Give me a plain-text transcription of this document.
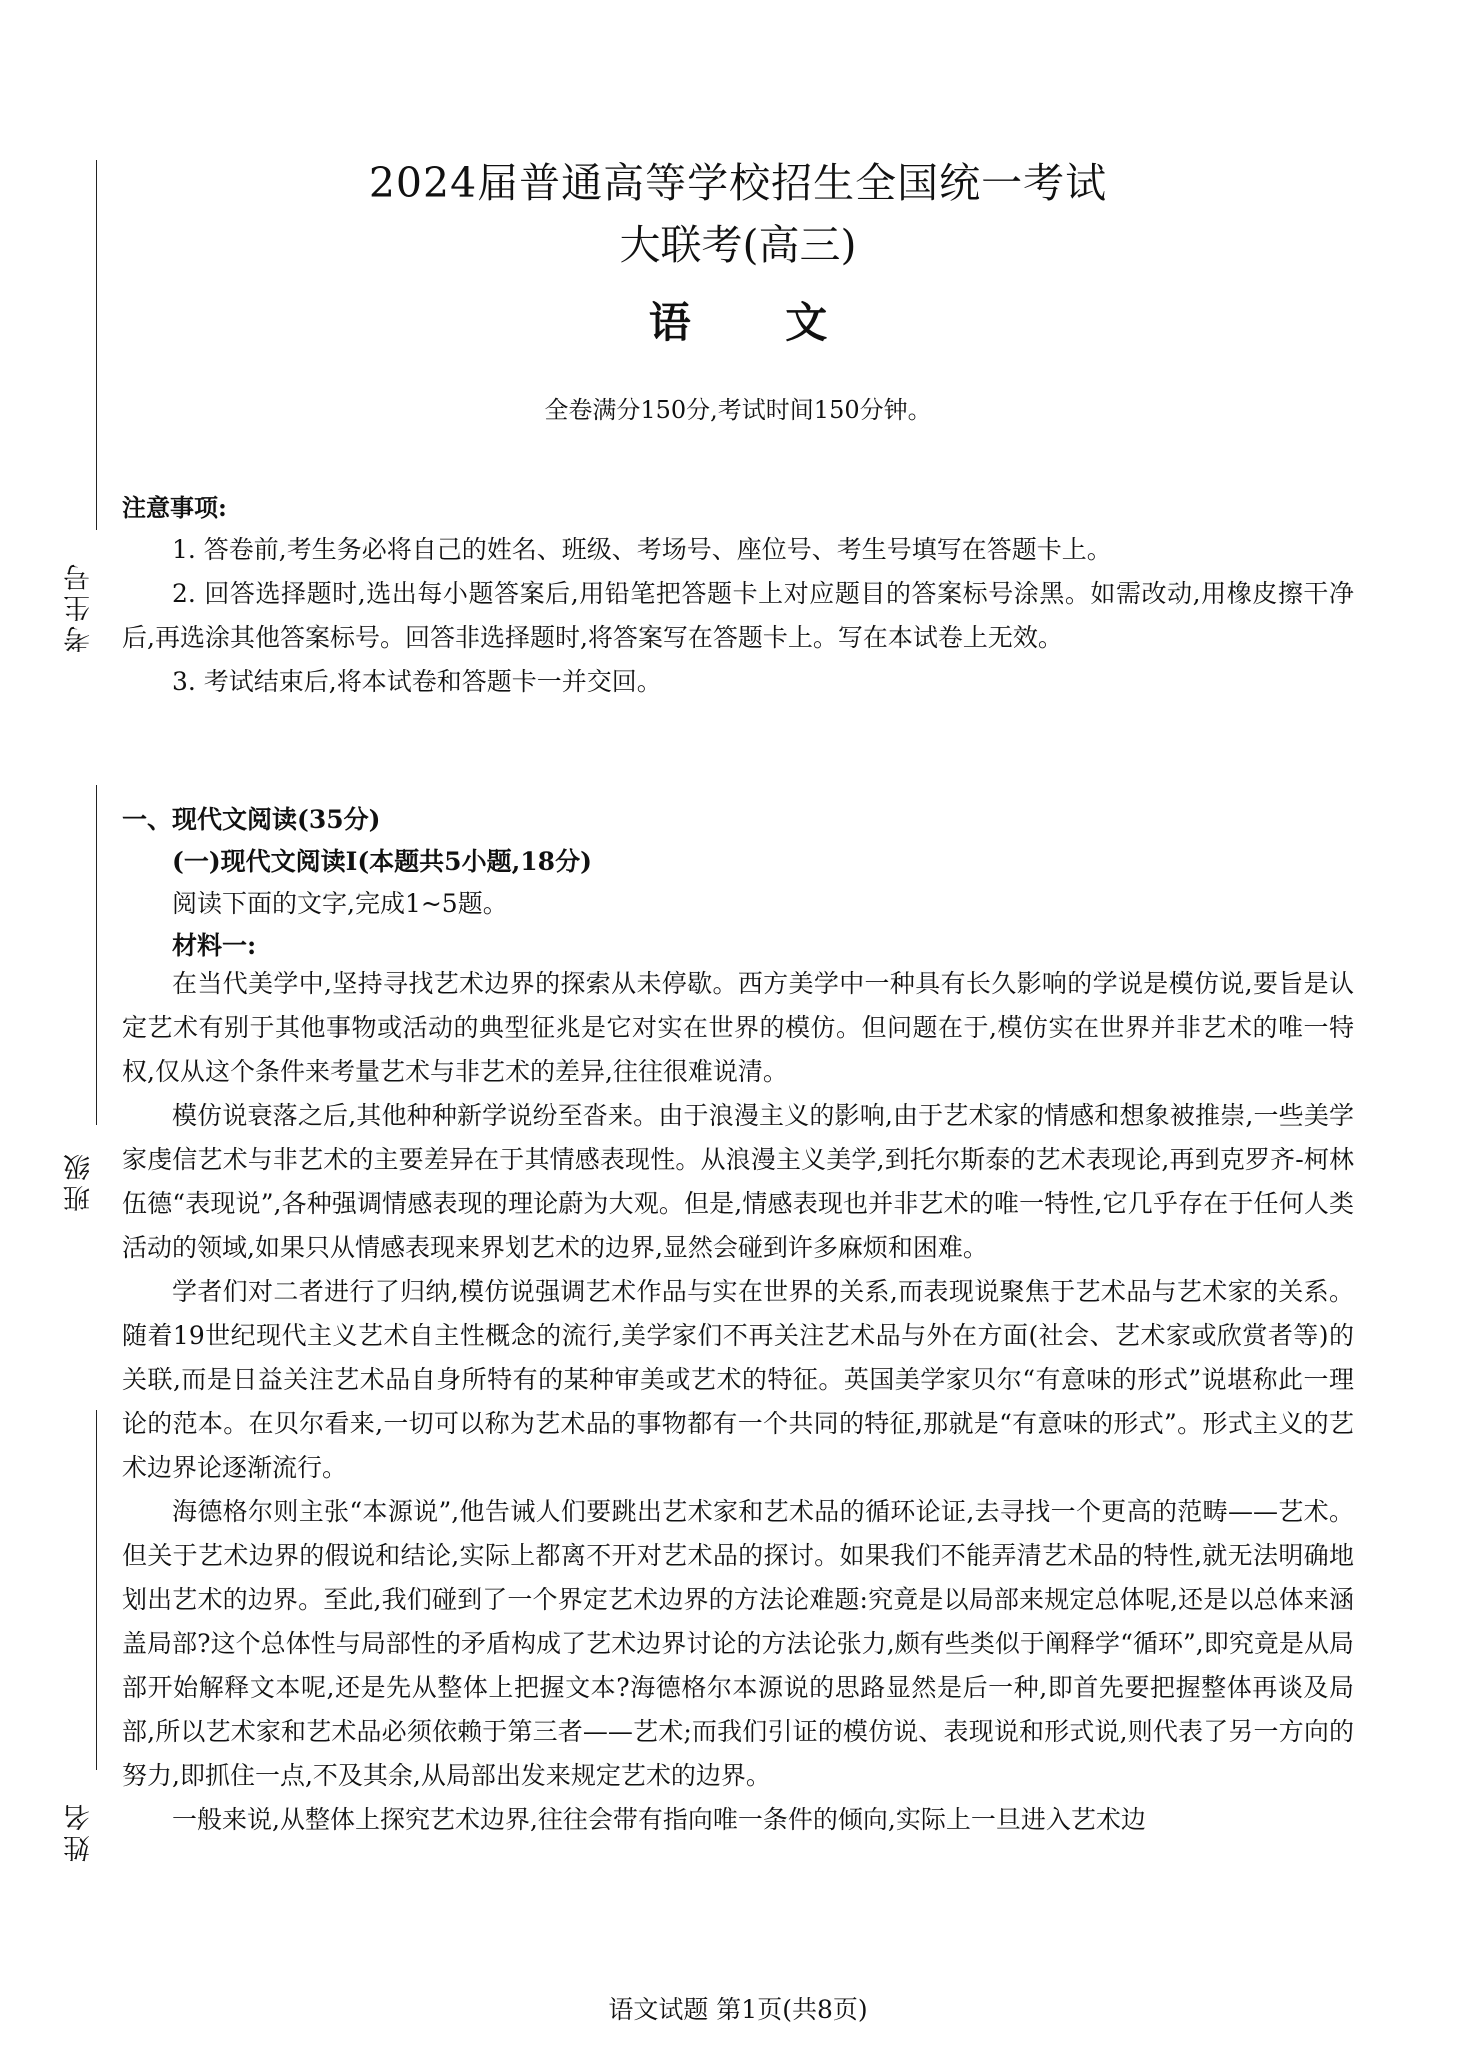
考生号
班级
姓名
2024届普通高等学校招生全国统一考试
大联考(高三)
语 文
全卷满分150分,考试时间150分钟。
注意事项:

1. 答卷前,考生务必将自己的姓名、班级、考场号、座位号、考生号填写在答题卡上。

2. 回答选择题时,选出每小题答案后,用铅笔把答题卡上对应题目的答案标号涂黑。如需改动,用橡皮擦干净后,再选涂其他答案标号。回答非选择题时,将答案写在答题卡上。写在本试卷上无效。

3. 考试结束后,将本试卷和答题卡一并交回。

一、现代文阅读(35分)
(一)现代文阅读Ⅰ(本题共5小题,18分)
阅读下面的文字,完成1~5题。
材料一:

在当代美学中,坚持寻找艺术边界的探索从未停歇。西方美学中一种具有长久影响的学说是模仿说,要旨是认定艺术有别于其他事物或活动的典型征兆是它对实在世界的模仿。但问题在于,模仿实在世界并非艺术的唯一特权,仅从这个条件来考量艺术与非艺术的差异,往往很难说清。

模仿说衰落之后,其他种种新学说纷至沓来。由于浪漫主义的影响,由于艺术家的情感和想象被推崇,一些美学家虔信艺术与非艺术的主要差异在于其情感表现性。从浪漫主义美学,到托尔斯泰的艺术表现论,再到克罗齐-柯林伍德“表现说”,各种强调情感表现的理论蔚为大观。但是,情感表现也并非艺术的唯一特性,它几乎存在于任何人类活动的领域,如果只从情感表现来界划艺术的边界,显然会碰到许多麻烦和困难。

学者们对二者进行了归纳,模仿说强调艺术作品与实在世界的关系,而表现说聚焦于艺术品与艺术家的关系。随着19世纪现代主义艺术自主性概念的流行,美学家们不再关注艺术品与外在方面(社会、艺术家或欣赏者等)的关联,而是日益关注艺术品自身所特有的某种审美或艺术的特征。英国美学家贝尔“有意味的形式”说堪称此一理论的范本。在贝尔看来,一切可以称为艺术品的事物都有一个共同的特征,那就是“有意味的形式”。形式主义的艺术边界论逐渐流行。

海德格尔则主张“本源说”,他告诫人们要跳出艺术家和艺术品的循环论证,去寻找一个更高的范畴——艺术。但关于艺术边界的假说和结论,实际上都离不开对艺术品的探讨。如果我们不能弄清艺术品的特性,就无法明确地划出艺术的边界。至此,我们碰到了一个界定艺术边界的方法论难题:究竟是以局部来规定总体呢,还是以总体来涵盖局部?这个总体性与局部性的矛盾构成了艺术边界讨论的方法论张力,颇有些类似于阐释学“循环”,即究竟是从局部开始解释文本呢,还是先从整体上把握文本?海德格尔本源说的思路显然是后一种,即首先要把握整体再谈及局部,所以艺术家和艺术品必须依赖于第三者——艺术;而我们引证的模仿说、表现说和形式说,则代表了另一方向的努力,即抓住一点,不及其余,从局部出发来规定艺术的边界。

一般来说,从整体上探究艺术边界,往往会带有指向唯一条件的倾向,实际上一旦进入艺术边

语文试题 第1页(共8页)
